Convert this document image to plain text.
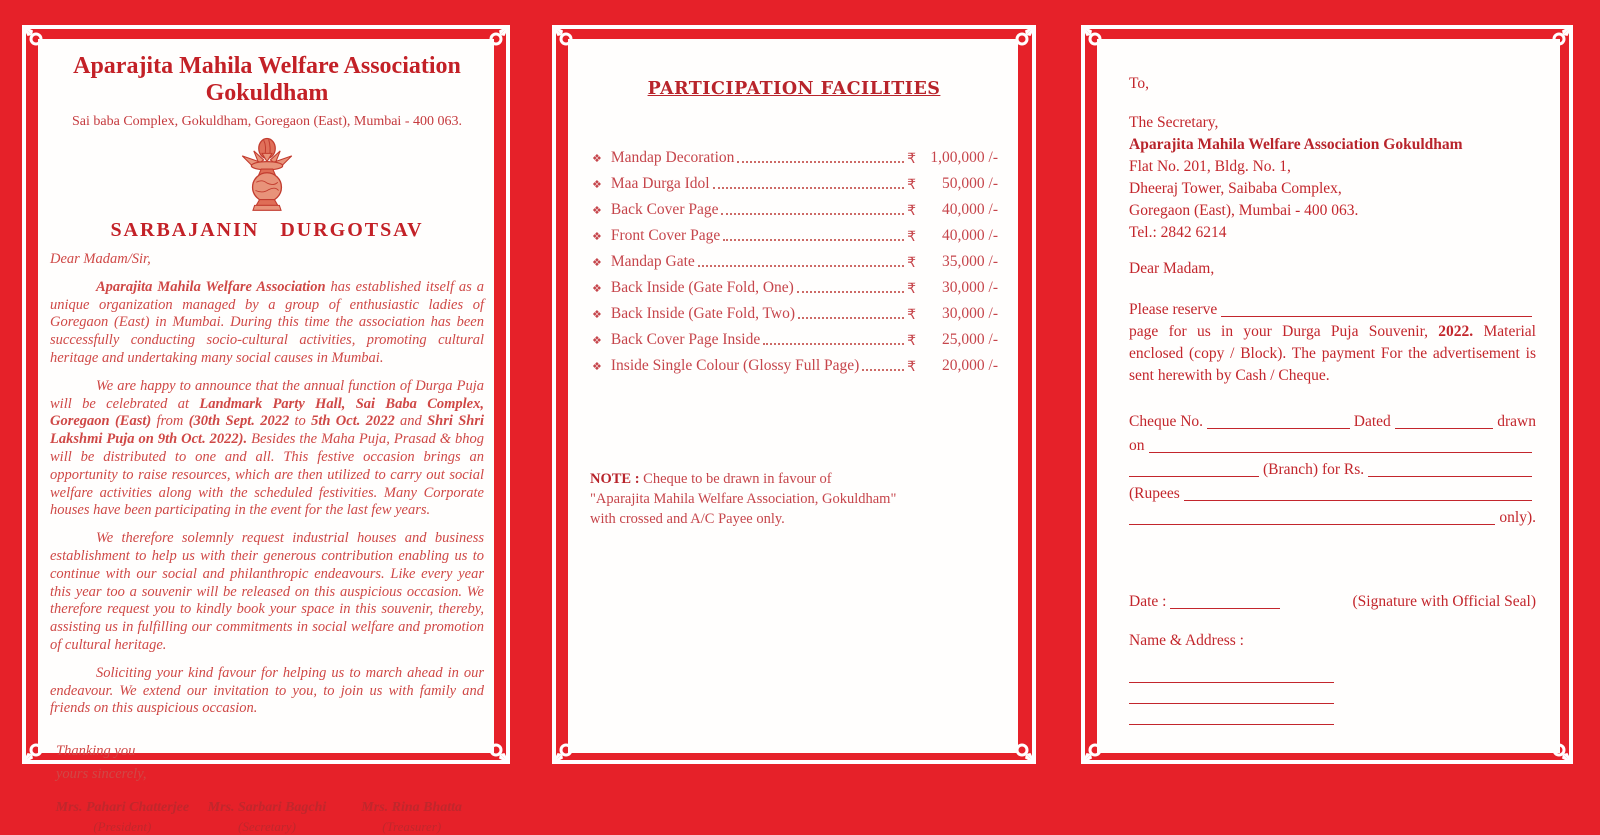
Aparajita Mahila Welfare Association
Gokuldham
Sai baba Complex, Gokuldham, Goregaon (East), Mumbai - 400 063.
SARBAJANIN DURGOTSAV
Dear Madam/Sir,
Aparajita Mahila Welfare Association has established itself as a unique organization managed by a group of enthusiastic ladies of Goregaon (East) in Mumbai. During this time the association has been successfully conducting socio-cultural activities, promoting cultural heritage and undertaking many social causes in Mumbai.
We are happy to announce that the annual function of Durga Puja will be celebrated at Landmark Party Hall, Sai Baba Complex, Goregaon (East) from (30th Sept. 2022 to 5th Oct. 2022 and Shri Shri Lakshmi Puja on 9th Oct. 2022). Besides the Maha Puja, Prasad & bhog will be distributed to one and all. This festive occasion brings an opportunity to raise resources, which are then utilized to carry out social welfare activities along with the scheduled festivities. Many Corporate houses have been participating in the event for the last few years.
We therefore solemnly request industrial houses and business establishment to help us with their generous contribution enabling us to continue with our social and philanthropic endeavours. Like every year this year too a souvenir will be released on this auspicious occasion. We therefore request you to kindly book your space in this souvenir, thereby, assisting us in fulfilling our commitments in social welfare and promotion of cultural heritage.
Soliciting your kind favour for helping us to march ahead in our endeavour. We extend our invitation to you, to join us with family and friends on this auspicious occasion.
Thanking you
yours sincerely,
Mrs. Pahari Chatterjee
(President)
Mrs. Sarbari Bagchi
(Secretary)
Mrs. Rina Bhatta
(Treasurer)
PARTICIPATION FACILITIES
❖ Mandap Decoration	₹ 1,00,000 /-
❖ Maa Durga Idol	₹	50,000 /-
❖ Back Cover Page	₹	40,000 /-
❖ Front Cover Page	₹	40,000 /-
❖ Mandap Gate	₹	35,000 /-
❖ Back Inside (Gate Fold, One)	₹	30,000 /-
❖ Back Inside (Gate Fold, Two)	₹	30,000 /-
❖ Back Cover Page Inside	₹	25,000 /-
❖ Inside Single Colour (Glossy Full Page)	₹	20,000 /-
NOTE : Cheque to be drawn in favour of
"Aparajita Mahila Welfare Association, Gokuldham"
with crossed and A/C Payee only.
To,
The Secretary,
Aparajita Mahila Welfare Association Gokuldham
Flat No. 201, Bldg. No. 1,
Dheeraj Tower, Saibaba Complex,
Goregaon (East), Mumbai - 400 063.
Tel.: 2842 6214
Dear Madam,
Please reserve
page for us in your Durga Puja Souvenir, 2022. Material enclosed (copy / Block). The payment For the advertisement is sent herewith by Cash / Cheque.
Cheque No.	Dated	drawn
on
(Branch) for Rs.
(Rupees
only).
Date :	(Signature with Official Seal)
Name & Address :
